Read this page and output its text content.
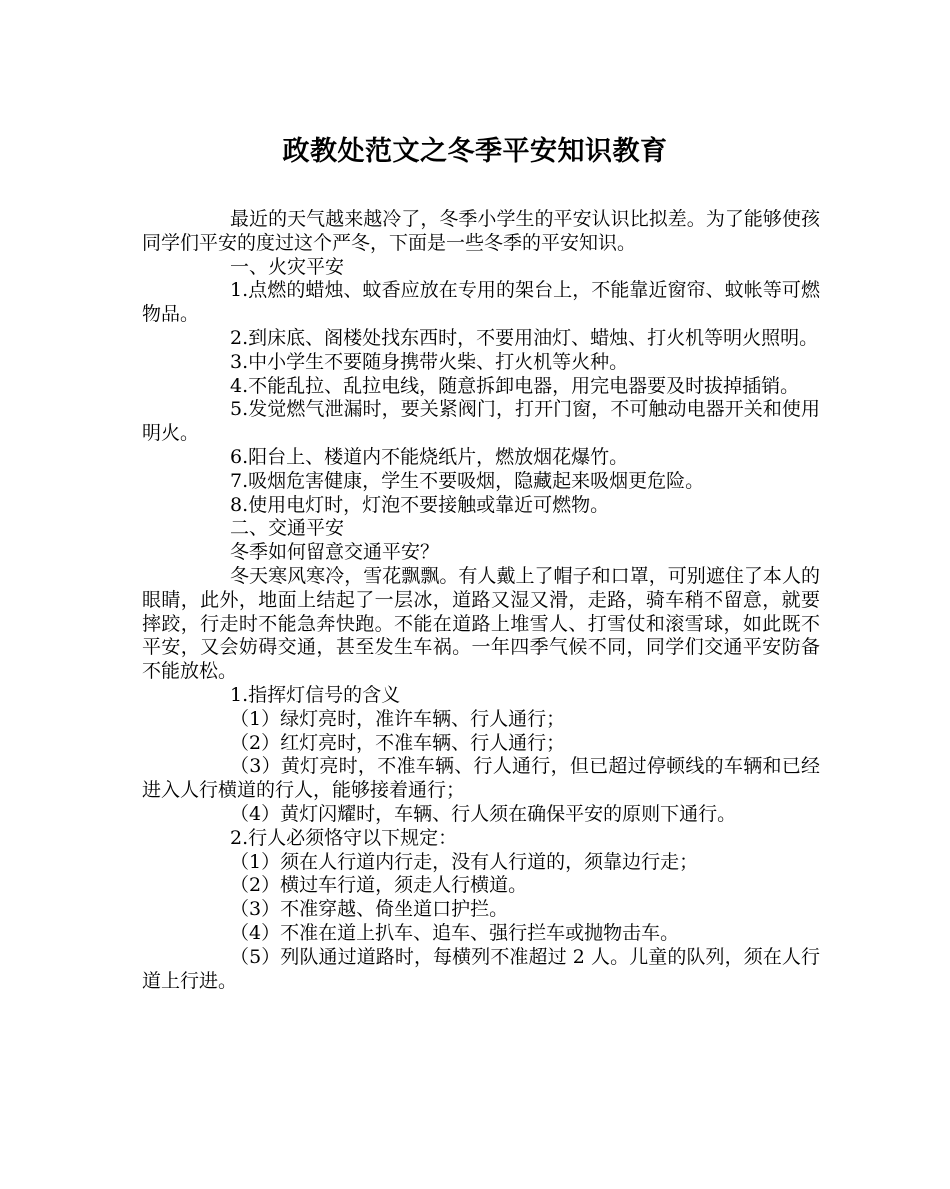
政教处范文之冬季平安知识教育

最近的天气越来越冷了，冬季小学生的平安认识比拟差。为了能够使孩同学们平安的度过这个严冬，下面是一些冬季的平安知识。

一、火灾平安

1.点燃的蜡烛、蚊香应放在专用的架台上，不能靠近窗帘、蚊帐等可燃物品。

2.到床底、阁楼处找东西时，不要用油灯、蜡烛、打火机等明火照明。

3.中小学生不要随身携带火柴、打火机等火种。

4.不能乱拉、乱拉电线，随意拆卸电器，用完电器要及时拔掉插销。

5.发觉燃气泄漏时，要关紧阀门，打开门窗，不可触动电器开关和使用明火。

6.阳台上、楼道内不能烧纸片，燃放烟花爆竹。

7.吸烟危害健康，学生不要吸烟，隐藏起来吸烟更危险。

8.使用电灯时，灯泡不要接触或靠近可燃物。

二、交通平安

冬季如何留意交通平安？

冬天寒风寒冷，雪花飘飘。有人戴上了帽子和口罩，可别遮住了本人的眼睛，此外，地面上结起了一层冰，道路又湿又滑，走路，骑车稍不留意，就要摔跤，行走时不能急奔快跑。不能在道路上堆雪人、打雪仗和滚雪球，如此既不平安，又会妨碍交通，甚至发生车祸。一年四季气候不同，同学们交通平安防备不能放松。

1.指挥灯信号的含义

（1）绿灯亮时，准许车辆、行人通行；

（2）红灯亮时，不准车辆、行人通行；

（3）黄灯亮时，不准车辆、行人通行，但已超过停顿线的车辆和已经进入人行横道的行人，能够接着通行；

（4）黄灯闪耀时，车辆、行人须在确保平安的原则下通行。

2.行人必须恪守以下规定：

（1）须在人行道内行走，没有人行道的，须靠边行走；

（2）横过车行道，须走人行横道。

（3）不准穿越、倚坐道口护拦。

（4）不准在道上扒车、追车、强行拦车或抛物击车。

（5）列队通过道路时，每横列不准超过 2 人。儿童的队列，须在人行道上行进。
